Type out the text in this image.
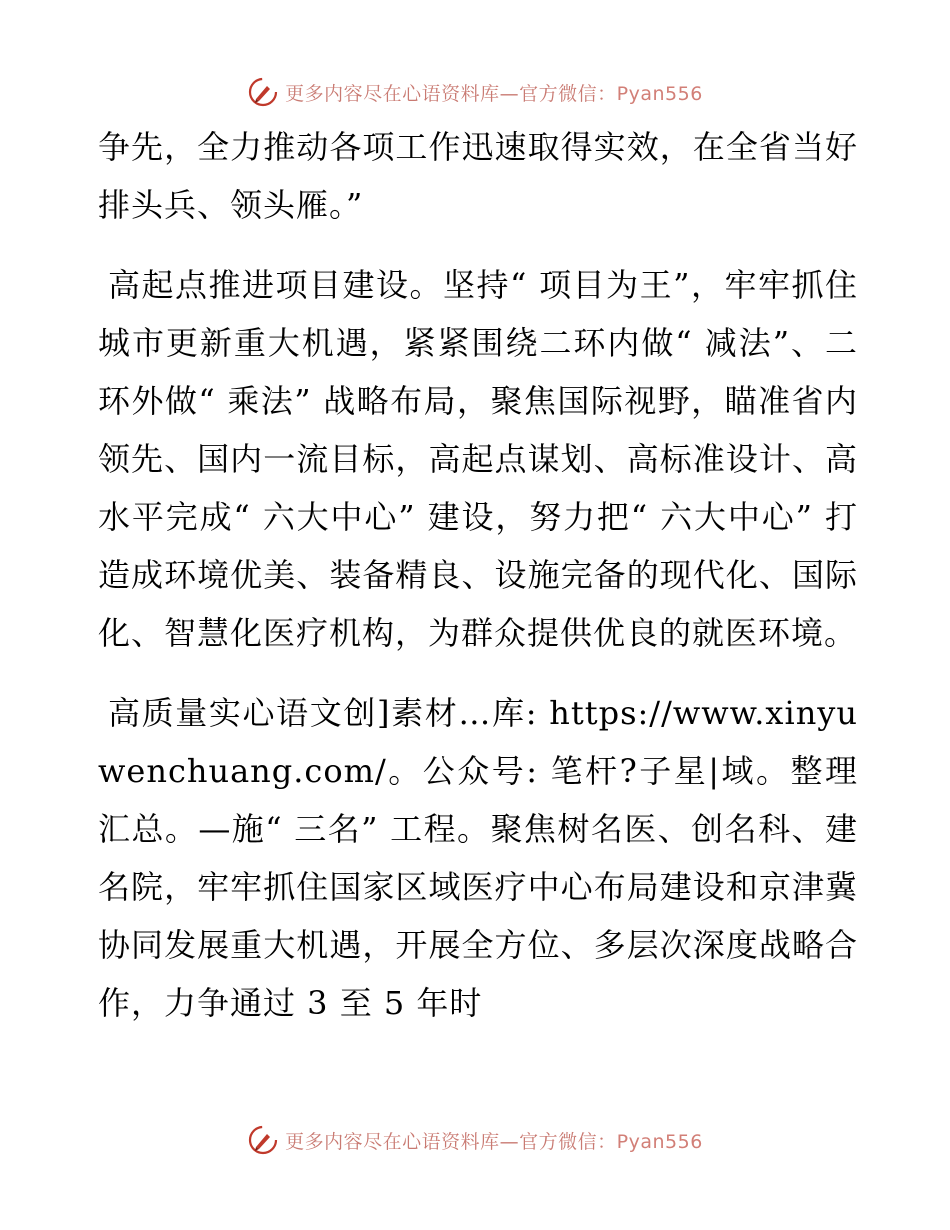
更多内容尽在心语资料库—官方微信：Pyan556

争先，全力推动各项工作迅速取得实效，在全省当好排头兵、领头雁。”

高起点推进项目建设。坚持“ 项目为王”，牢牢抓住城市更新重大机遇，紧紧围绕二环内做“ 减法”、二环外做“ 乘法” 战略布局，聚焦国际视野，瞄准省内领先、国内一流目标，高起点谋划、高标准设计、高水平完成“ 六大中心” 建设，努力把“ 六大中心” 打造成环境优美、装备精良、设施完备的现代化、国际化、智慧化医疗机构，为群众提供优良的就医环境。

高质量实心语文创]素材…库: https://www.xinyuwenchuang.com/。公众号: 笔杆?子星|域。整理汇总。—施“ 三名” 工程。聚焦树名医、创名科、建名院，牢牢抓住国家区域医疗中心布局建设和京津冀协同发展重大机遇，开展全方位、多层次深度战略合作，力争通过 3 至 5 年时

更多内容尽在心语资料库—官方微信：Pyan556
